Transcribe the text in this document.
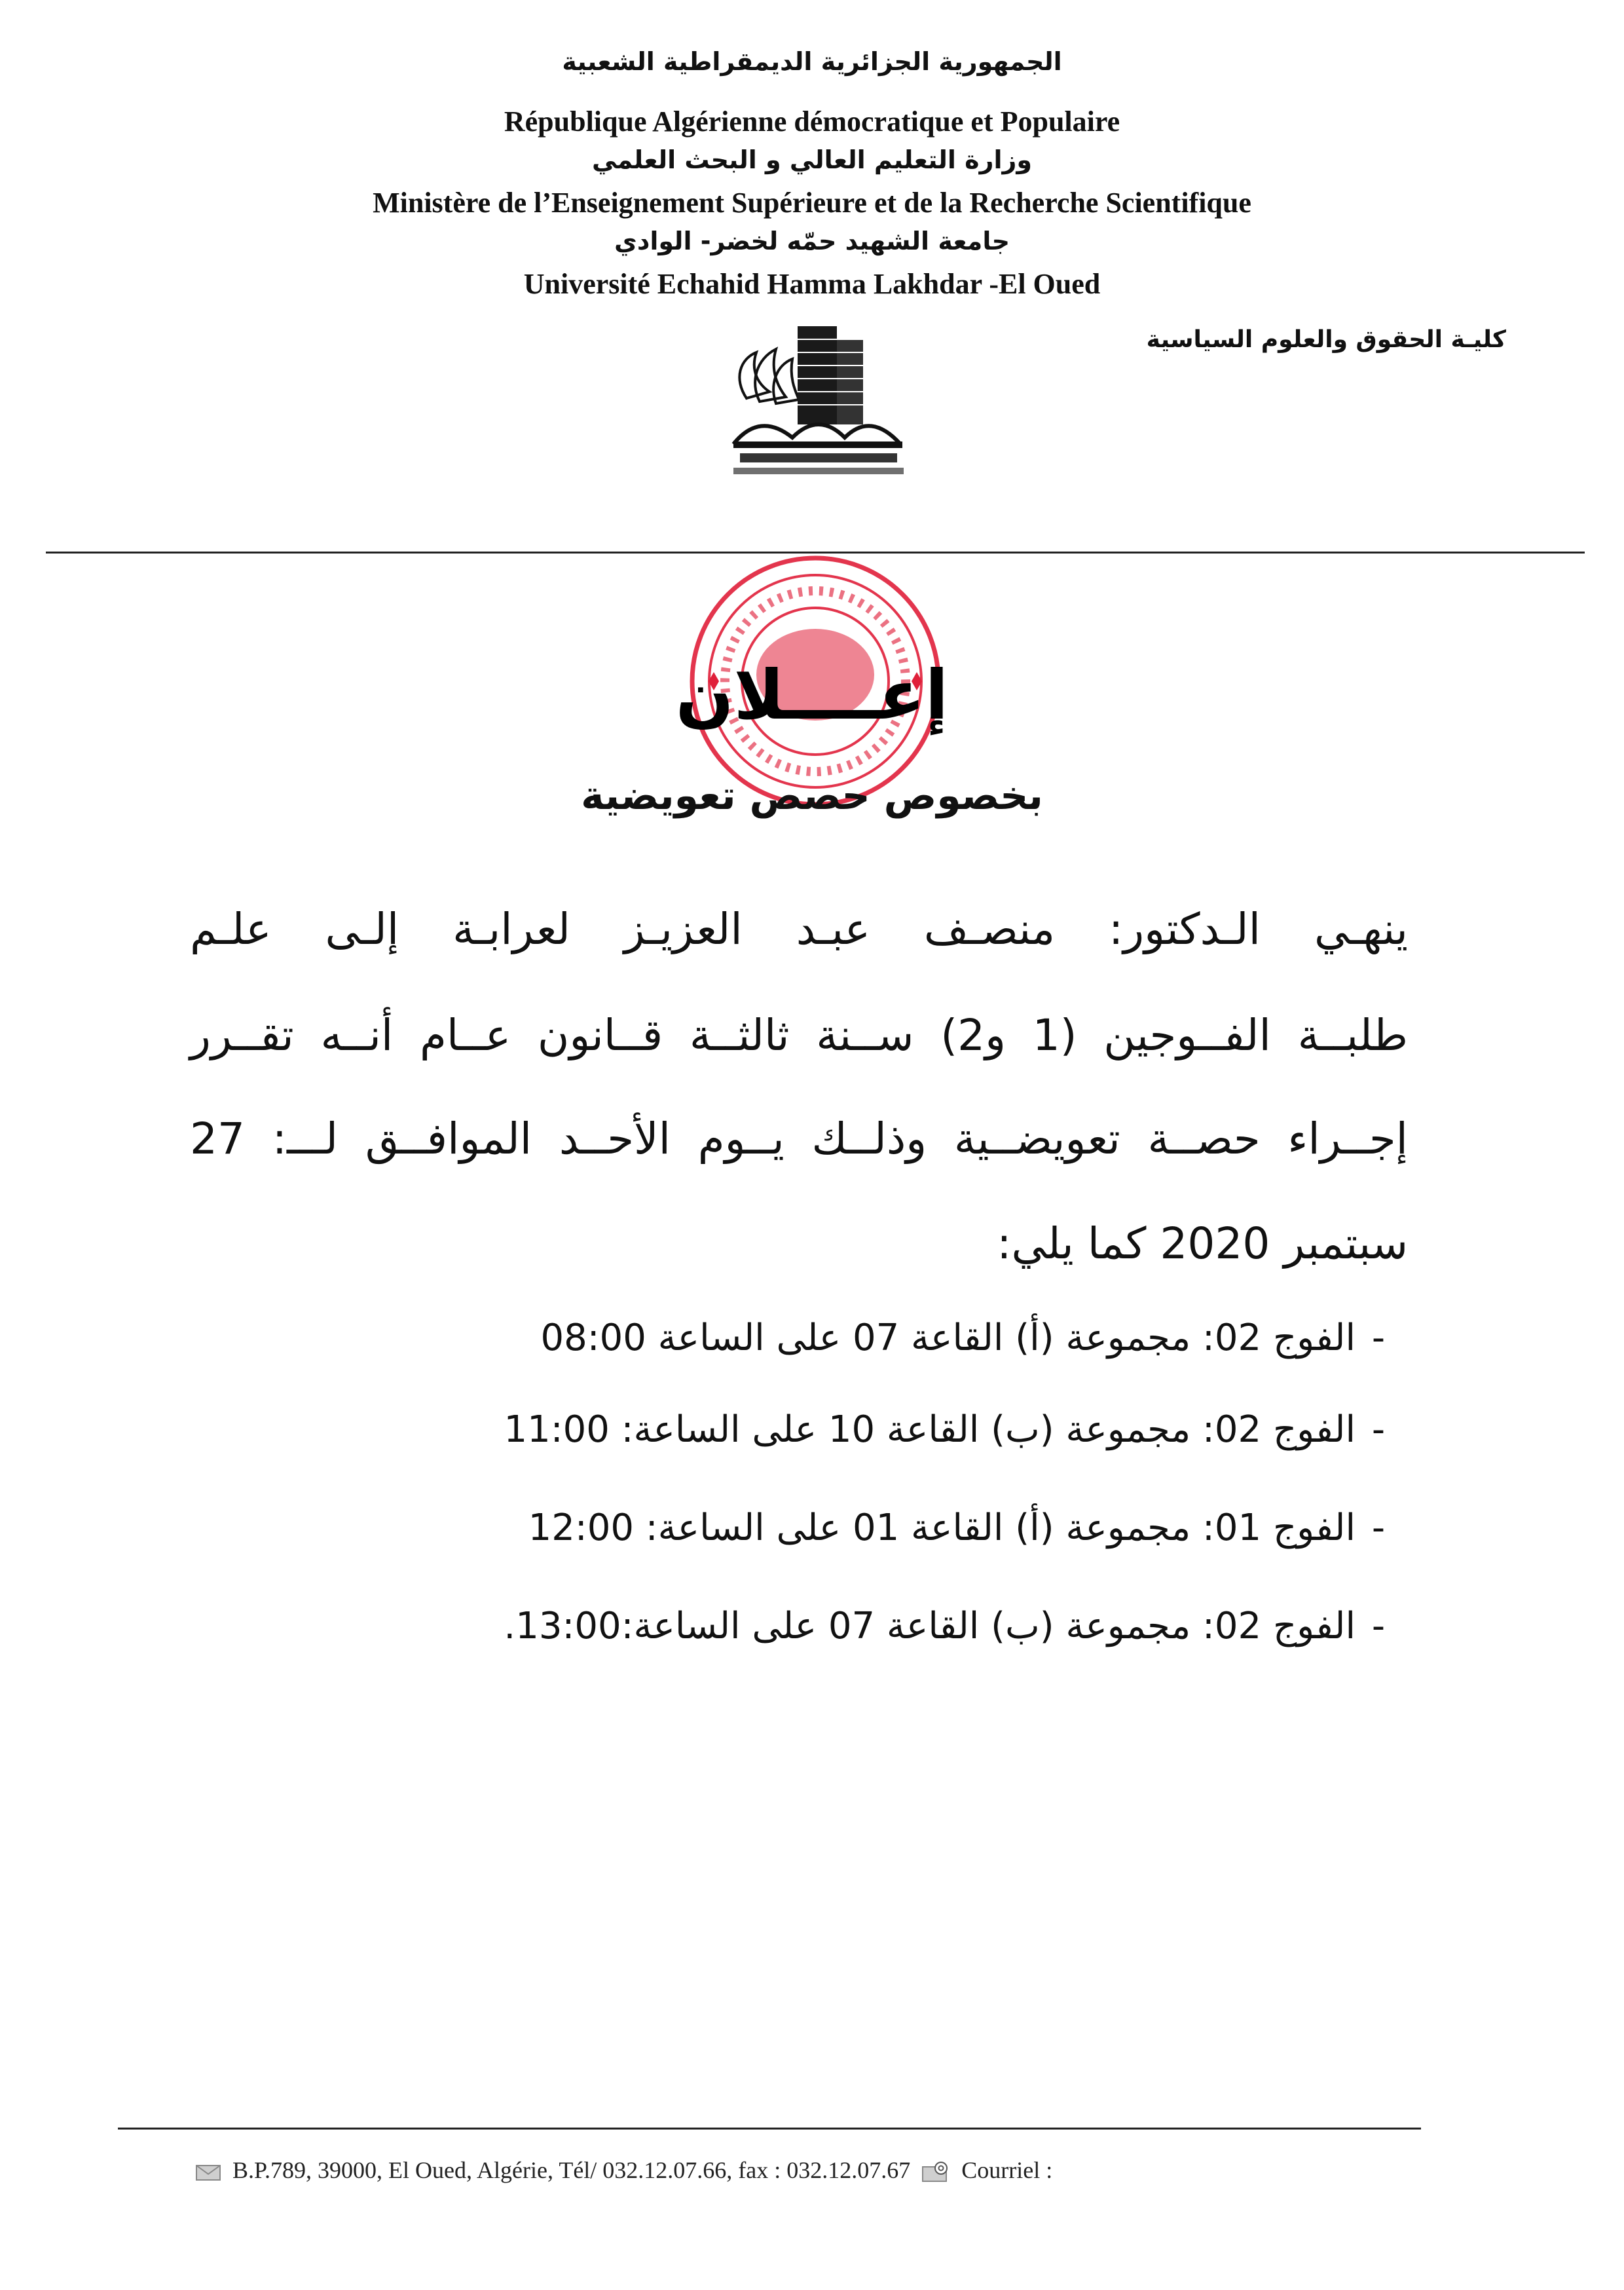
الجمهورية الجزائرية الديمقراطية الشعبية
République Algérienne démocratique et Populaire
وزارة التعليم العالي و البحث العلمي
Ministère de l’Enseignement Supérieure et de la Recherche Scientifique
جامعة الشهيد حمّه لخضر- الوادي
Université Echahid Hamma Lakhdar -El Oued
كليـة الحقوق والعلوم السياسية
إعــــلان
بخصوص حصص تعويضية
ينهـي الـدكتور: منصـف عبـد العزيـز لعرابـة إلـى علـم
طلبــة الفــوجين (1 و2) ســنة ثالثــة قــانون عــام أنــه تقــرر
إجــراء حصــة تعويضــية وذلــك يــوم الأحــد الموافــق لـــ: 27
سبتمبر 2020 كما يلي:
-الفوج 02: مجموعة (أ) القاعة 07 على الساعة 08:00
-الفوج 02: مجموعة (ب) القاعة 10 على الساعة: 11:00
-الفوج 01: مجموعة (أ) القاعة 01 على الساعة: 12:00
-الفوج 02: مجموعة (ب) القاعة 07 على الساعة:13:00.
B.P.789, 39000, El Oued, Algérie, Tél/ 032.12.07.66, fax : 032.12.07.67 Courriel :
